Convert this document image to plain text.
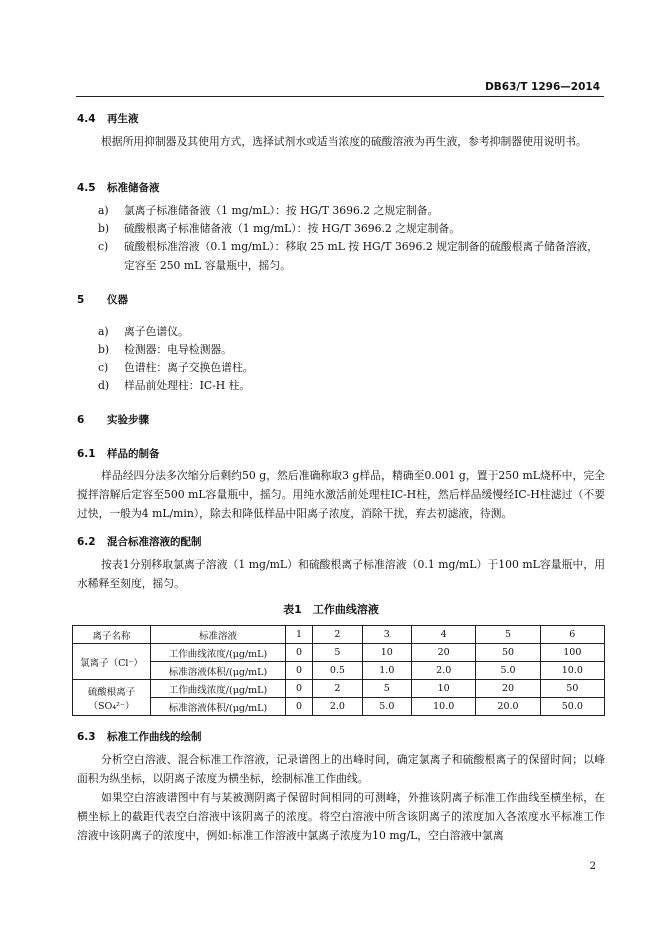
DB63/T 1296—2014
4.4 再生液
根据所用抑制器及其使用方式，选择试剂水或适当浓度的硫酸溶液为再生液，参考抑制器使用说明书。
4.5 标准储备液
a) 氯离子标准储备液（1 mg/mL）：按 HG/T 3696.2 之规定制备。
b) 硫酸根离子标准储备液（1 mg/mL）：按 HG/T 3696.2 之规定制备。
c) 硫酸根标准溶液（0.1 mg/mL）：移取 25 mL 按 HG/T 3696.2 规定制备的硫酸根离子储备溶液，定容至 250 mL 容量瓶中，摇匀。
5 仪器
a) 离子色谱仪。
b) 检测器：电导检测器。
c) 色谱柱：离子交换色谱柱。
d) 样品前处理柱：IC-H 柱。
6 实验步骤
6.1 样品的制备
样品经四分法多次缩分后剩约50 g，然后准确称取3 g样品，精确至0.001 g，置于250 mL烧杯中，完全搅拌溶解后定容至500 mL容量瓶中，摇匀。用纯水激活前处理柱IC-H柱，然后样品缓慢经IC-H柱滤过（不要过快，一般为4 mL/min），除去和降低样品中阳离子浓度，消除干扰，弃去初滤液，待测。
6.2 混合标准溶液的配制
按表1分别移取氯离子溶液（1 mg/mL）和硫酸根离子标准溶液（0.1 mg/mL）于100 mL容量瓶中，用水稀释至刻度，摇匀。
表1　工作曲线溶液
离子名称	标准溶液	1	2	3	4	5	6
氯离子（Cl⁻）	工作曲线浓度/(μg/mL)	0	5	10	20	50	100
	标准溶液体积/(μg/mL)	0	0.5	1.0	2.0	5.0	10.0
硫酸根离子（SO₄²⁻）	工作曲线浓度/(μg/mL)	0	2	5	10	20	50
	标准溶液体积/(μg/mL)	0	2.0	5.0	10.0	20.0	50.0
6.3 标准工作曲线的绘制
分析空白溶液、混合标准工作溶液，记录谱图上的出峰时间，确定氯离子和硫酸根离子的保留时间；以峰面积为纵坐标，以阴离子浓度为横坐标，绘制标准工作曲线。
如果空白溶液谱图中有与某被测阴离子保留时间相同的可测峰，外推该阴离子标准工作曲线至横坐标，在横坐标上的截距代表空白溶液中该阴离子的浓度。将空白溶液中所含该阴离子的浓度加入各浓度水平标准工作溶液中该阴离子的浓度中，例如:标准工作溶液中氯离子浓度为10 mg/L，空白溶液中氯离
2
